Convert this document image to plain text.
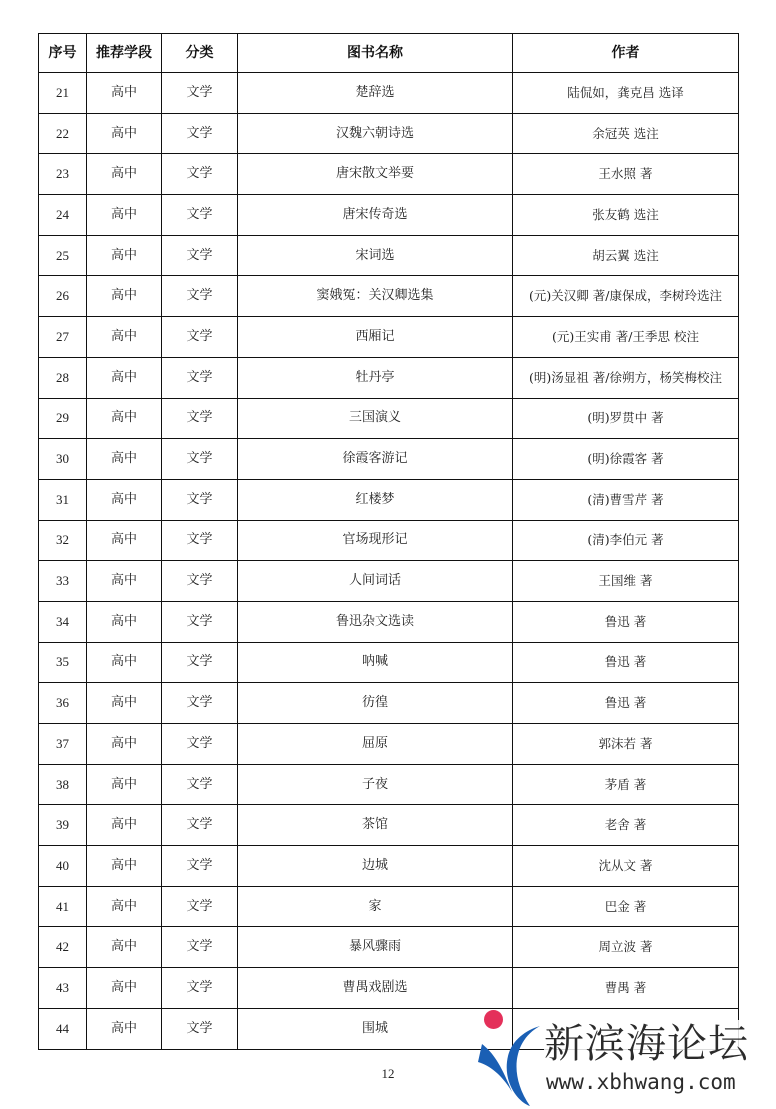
序号	推荐学段	分类	图书名称	作者
21	高中	文学	楚辞选	陆侃如，龚克昌 选译
22	高中	文学	汉魏六朝诗选	余冠英 选注
23	高中	文学	唐宋散文举要	王水照 著
24	高中	文学	唐宋传奇选	张友鹤 选注
25	高中	文学	宋词选	胡云翼 选注
26	高中	文学	窦娥冤：关汉卿选集	(元)关汉卿 著/康保成，李树玲选注
27	高中	文学	西厢记	(元)王实甫 著/王季思 校注
28	高中	文学	牡丹亭	(明)汤显祖 著/徐朔方，杨笑梅校注
29	高中	文学	三国演义	(明)罗贯中 著
30	高中	文学	徐霞客游记	(明)徐霞客 著
31	高中	文学	红楼梦	(清)曹雪芹 著
32	高中	文学	官场现形记	(清)李伯元 著
33	高中	文学	人间词话	王国维 著
34	高中	文学	鲁迅杂文选读	鲁迅 著
35	高中	文学	呐喊	鲁迅 著
36	高中	文学	彷徨	鲁迅 著
37	高中	文学	屈原	郭沫若 著
38	高中	文学	子夜	茅盾 著
39	高中	文学	茶馆	老舍 著
40	高中	文学	边城	沈从文 著
41	高中	文学	家	巴金 著
42	高中	文学	暴风骤雨	周立波 著
43	高中	文学	曹禺戏剧选	曹禺 著
44	高中	文学	围城	
12
新滨海论坛
www.xbhwang.com
